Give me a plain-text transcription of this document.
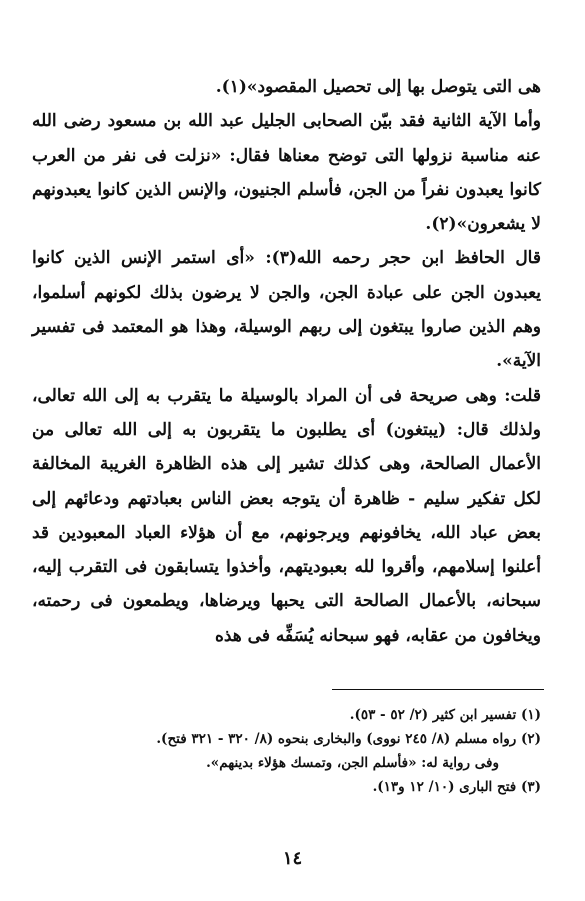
هى التى يتوصل بها إلى تحصيل المقصود»(١).

وأما الآية الثانية فقد بيّن الصحابى الجليل عبد الله بن مسعود رضى الله عنه مناسبة نزولها التى توضح معناها فقال: «نزلت فى نفر من العرب كانوا يعبدون نفراً من الجن، فأسلم الجنيون، والإنس الذين كانوا يعبدونهم لا يشعرون»(٢).

قال الحافظ ابن حجر رحمه الله(٣): «أى استمر الإنس الذين كانوا يعبدون الجن على عبادة الجن، والجن لا يرضون بذلك لكونهم أسلموا، وهم الذين صاروا يبتغون إلى ربهم الوسيلة، وهذا هو المعتمد فى تفسير الآية».

قلت: وهى صريحة فى أن المراد بالوسيلة ما يتقرب به إلى الله تعالى، ولذلك قال: (يبتغون) أى يطلبون ما يتقربون به إلى الله تعالى من الأعمال الصالحة، وهى كذلك تشير إلى هذه الظاهرة الغريبة المخالفة لكل تفكير سليم - ظاهرة أن يتوجه بعض الناس بعبادتهم ودعائهم إلى بعض عباد الله، يخافونهم ويرجونهم، مع أن هؤلاء العباد المعبودين قد أعلنوا إسلامهم، وأقروا لله بعبوديتهم، وأخذوا يتسابقون فى التقرب إليه، سبحانه، بالأعمال الصالحة التى يحبها ويرضاها، ويطمعون فى رحمته، ويخافون من عقابه، فهو سبحانه يُسَفِّه فى هذه

(١) تفسير ابن كثير (٢/ ٥٢ - ٥٣).
(٢) رواه مسلم (٨/ ٢٤٥ نووى) والبخارى بنحوه (٨/ ٣٢٠ - ٣٢١ فتح).
وفى رواية له: «فأسلم الجن، وتمسك هؤلاء بدينهم».
(٣) فتح البارى (١٠/ ١٢ و١٣).
١٤
